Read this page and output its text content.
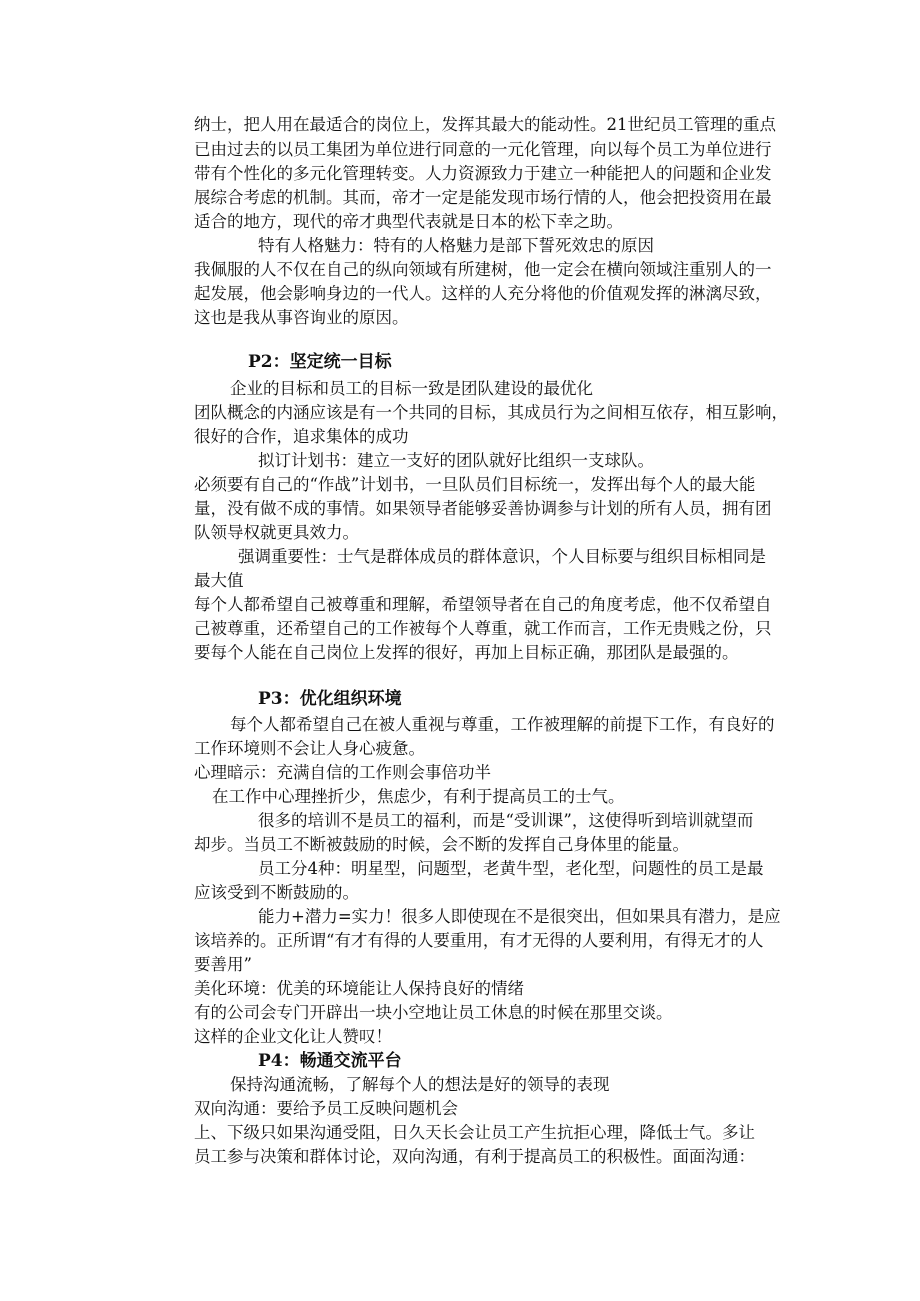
纳士，把人用在最适合的岗位上，发挥其最大的能动性。21世纪员工管理的重点
已由过去的以员工集团为单位进行同意的一元化管理，向以每个员工为单位进行
带有个性化的多元化管理转变。人力资源致力于建立一种能把人的问题和企业发
展综合考虑的机制。其而，帝才一定是能发现市场行情的人，他会把投资用在最
适合的地方，现代的帝才典型代表就是日本的松下幸之助。
特有人格魅力：特有的人格魅力是部下誓死效忠的原因
我佩服的人不仅在自己的纵向领域有所建树，他一定会在横向领域注重别人的一
起发展，他会影响身边的一代人。这样的人充分将他的价值观发挥的淋漓尽致，
这也是我从事咨询业的原因。
P2：坚定统一目标
企业的目标和员工的目标一致是团队建设的最优化
团队概念的内涵应该是有一个共同的目标，其成员行为之间相互依存，相互影响，
很好的合作，追求集体的成功
拟订计划书：建立一支好的团队就好比组织一支球队。
必须要有自己的“作战”计划书，一旦队员们目标统一，发挥出每个人的最大能
量，没有做不成的事情。如果领导者能够妥善协调参与计划的所有人员，拥有团
队领导权就更具效力。
强调重要性：士气是群体成员的群体意识，个人目标要与组织目标相同是
最大值
每个人都希望自己被尊重和理解，希望领导者在自己的角度考虑，他不仅希望自
己被尊重，还希望自己的工作被每个人尊重，就工作而言，工作无贵贱之份，只
要每个人能在自己岗位上发挥的很好，再加上目标正确，那团队是最强的。
P3：优化组织环境
每个人都希望自己在被人重视与尊重，工作被理解的前提下工作，有良好的
工作环境则不会让人身心疲惫。
心理暗示：充满自信的工作则会事倍功半
在工作中心理挫折少，焦虑少，有利于提高员工的士气。
很多的培训不是员工的福利，而是“受训课”，这使得听到培训就望而
却步。当员工不断被鼓励的时候，会不断的发挥自己身体里的能量。
员工分4种：明星型，问题型，老黄牛型，老化型，问题性的员工是最
应该受到不断鼓励的。
能力+潜力=实力！很多人即使现在不是很突出，但如果具有潜力，是应
该培养的。正所谓“有才有得的人要重用，有才无得的人要利用，有得无才的人
要善用”
美化环境：优美的环境能让人保持良好的情绪
有的公司会专门开辟出一块小空地让员工休息的时候在那里交谈。
这样的企业文化让人赞叹！
P4：畅通交流平台
保持沟通流畅，了解每个人的想法是好的领导的表现
双向沟通：要给予员工反映问题机会
上、下级只如果沟通受阻，日久天长会让员工产生抗拒心理，降低士气。多让
员工参与决策和群体讨论，双向沟通，有利于提高员工的积极性。面面沟通：
